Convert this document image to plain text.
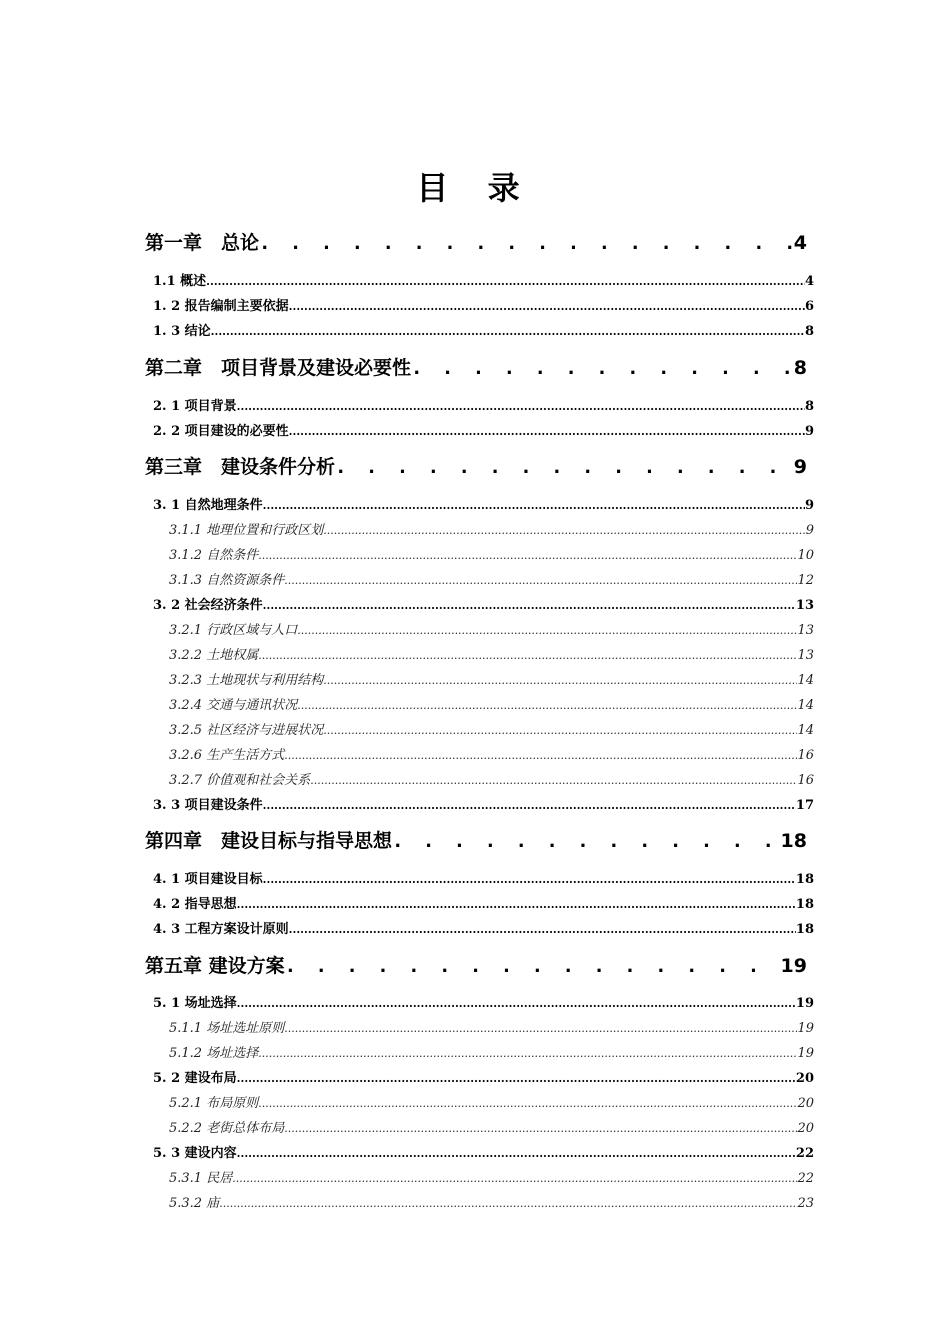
目 录
第一章　总论 . . .	4
1.1 概述 .....	4
1. 2 报告编制主要依据 .....	6
1. 3 结论 .....	8
第二章　项目背景及建设必要性 . . .	8
2. 1 项目背景 .....	8
2. 2 项目建设的必要性 .....	9
第三章　建设条件分析 . . .	9
3. 1 自然地理条件 .....	9
3.1.1 地理位置和行政区划 .....	9
3.1.2 自然条件 .....	10
3.1.3 自然资源条件 .....	12
3. 2 社会经济条件 .....	13
3.2.1 行政区域与人口 .....	13
3.2.2 土地权属 .....	13
3.2.3 土地现状与利用结构 .....	14
3.2.4 交通与通讯状况 .....	14
3.2.5 社区经济与进展状况 .....	14
3.2.6 生产生活方式 .....	16
3.2.7 价值观和社会关系 .....	16
3. 3 项目建设条件 .....	17
第四章　建设目标与指导思想 . . .	18
4. 1 项目建设目标 .....	18
4. 2 指导思想 .....	18
4. 3 工程方案设计原则 .....	18
第五章 建设方案 . . .	19
5. 1 场址选择 .....	19
5.1.1 场址选址原则 .....	19
5.1.2 场址选择 .....	19
5. 2 建设布局 .....	20
5.2.1 布局原则 .....	20
5.2.2 老街总体布局 .....	20
5. 3 建设内容 .....	22
5.3.1 民居 .....	22
5.3.2 庙 .....	23
